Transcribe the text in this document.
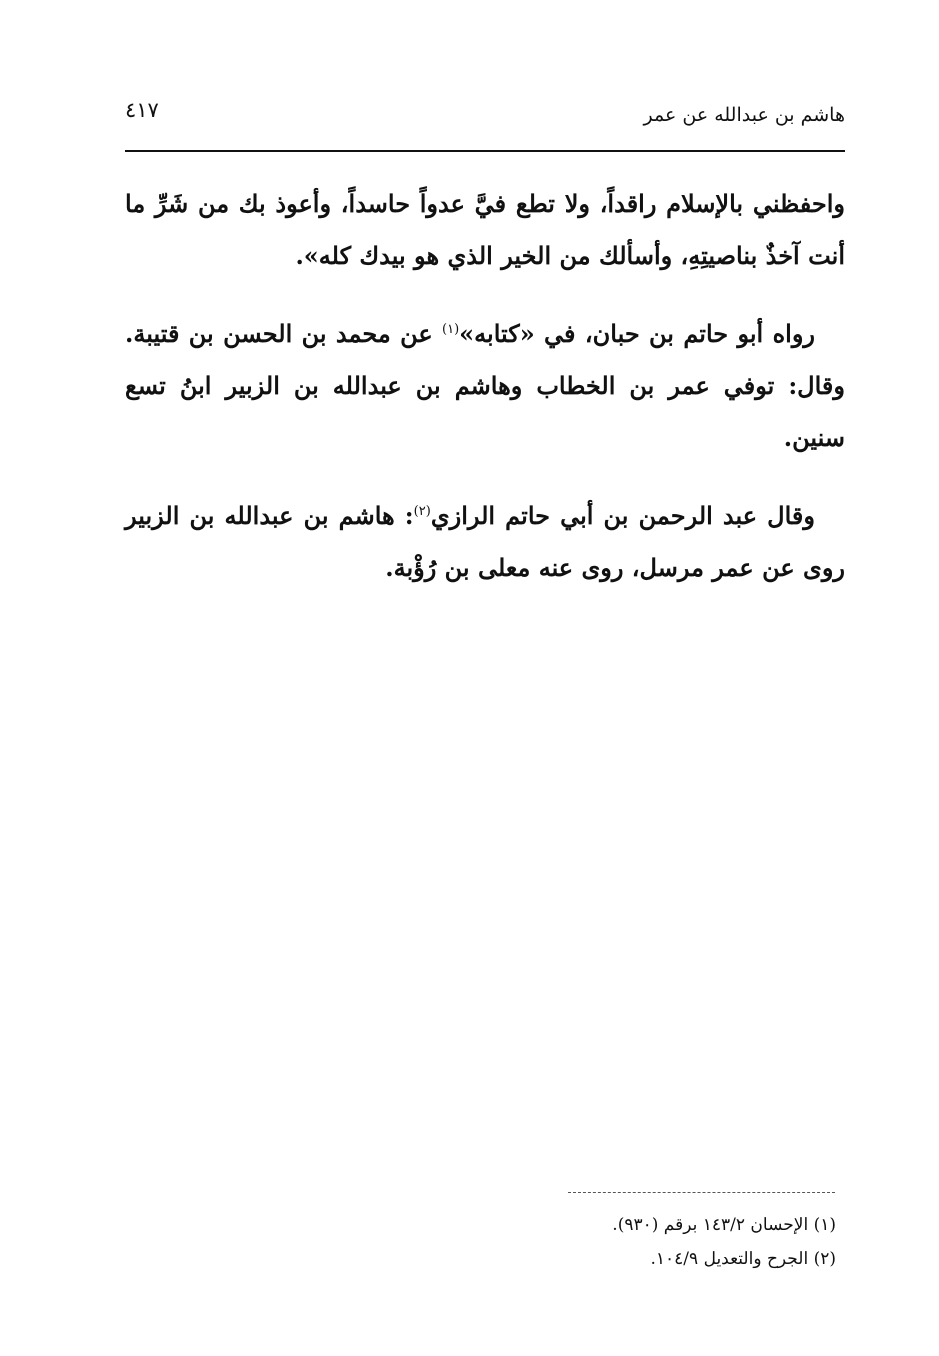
هاشم بن عبدالله عن عمر
٤١٧

واحفظني بالإسلام راقداً، ولا تطع فيَّ عدواً حاسداً، وأعوذ بك من شَرِّ ما أنت آخذٌ بناصيتِهِ، وأسألك من الخير الذي هو بيدك كله».

رواه أبو حاتم بن حبان، في «كتابه»$^{(١)}$ عن محمد بن الحسن بن قتيبة. وقال: توفي عمر بن الخطاب وهاشم بن عبدالله بن الزبير ابنُ تسع سنين.

وقال عبد الرحمن بن أبي حاتم الرازي$^{(٢)}$: هاشم بن عبدالله بن الزبير روى عن عمر مرسل، روى عنه معلى بن رُؤْبة.

(١) الإحسان ١٤٣/٢ برقم (٩٣٠).

(٢) الجرح والتعديل ١٠٤/٩.
